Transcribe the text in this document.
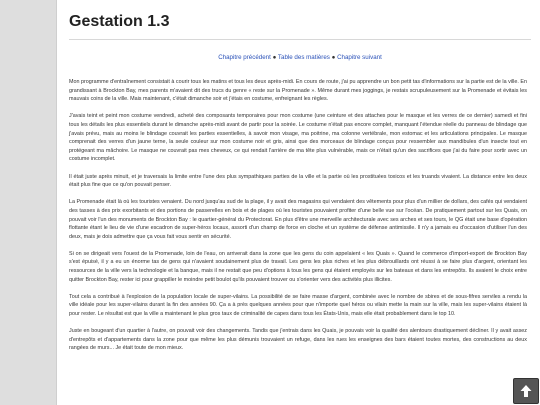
Gestation 1.3
Chapitre précédent ● Table des matières ● Chapitre suivant

Mon programme d'entraînement consistait à courir tous les matins et tous les deux après-midi. En cours de route, j'ai pu apprendre un bon petit tas d'informations sur la partie est de la ville. En grandissant à Brockton Bay, mes parents m'avaient dit des trucs du genre « reste sur la Promenade ». Même durant mes joggings, je restais scrupuleusement sur la Promenade et évitais les mauvais coins de la ville. Mais maintenant, c'était dimanche soir et j'étais en costume, enfreignant les règles.

J'avais teint et peint mon costume vendredi, acheté des composants temporaires pour mon costume (une ceinture et des attaches pour le masque et les verres de ce dernier) samedi et fini tous les détails les plus essentiels durant le dimanche après-midi avant de partir pour la soirée. Le costume n'était pas encore complet, manquant l'étendue réelle du panneau de blindage que j'avais prévu, mais au moins le blindage couvrait les parties essentielles, à savoir mon visage, ma poitrine, ma colonne vertébrale, mon estomac et les articulations principales. Le masque comprenait des verres d'un jaune terne, la seule couleur sur mon costume noir et gris, ainsi que des morceaux de blindage conçus pour ressembler aux mandibules d'un insecte tout en protégeant ma mâchoire. Le masque ne couvrait pas mes cheveux, ce qui rendait l'arrière de ma tête plus vulnérable, mais ce n'était qu'un des sacrifices que j'ai du faire pour sortir avec un costume incomplet.

Il était juste après minuit, et je traversais la limite entre l'une des plus sympathiques parties de la ville et la partie où les prostituées toxicos et les truands vivaient. La distance entre les deux était plus fine que ce qu'on pouvait penser.

La Promenade était là où les touristes venaient. Du nord jusqu'au sud de la plage, il y avait des magasins qui vendaient des vêtements pour plus d'un millier de dollars, des cafés qui vendaient des tasses à des prix exorbitants et des portions de passerelles en bois et de plages où les touristes pouvaient profiter d'une belle vue sur l'océan. De pratiquement partout sur les Quais, on pouvait voir l'un des monuments de Brockton Bay : le quartier-général du Protectorat. En plus d'être une merveille architecturale avec ses arches et ses tours, le QG était une base d'opération flottante étant le lieu de vie d'une escadron de super-héros locaux, assorti d'un champ de force en cloche et un système de défense antimissile. Il n'y a jamais eu d'occasion d'utiliser l'un des deux, mais je dois admettre que ça vous fait vous sentir en sécurité.

Si on se dirigeait vers l'ouest de la Promenade, loin de l'eau, on arriverait dans la zone que les gens du coin appelaient « les Quais ». Quand le commerce d'import-export de Brockton Bay s'est épuisé, il y a eu un énorme tas de gens qui n'avaient soudainement plus de travail. Les gens les plus riches et les plus débrouillards ont réussi à se faire plus d'argent, orientant les ressources de la ville vers la technologie et la banque, mais il ne restait que peu d'options à tous les gens qui étaient employés sur les bateaux et dans les entrepôts. Ils avaient le choix entre quitter Brockton Bay, rester ici pour grappiller le moindre petit boulot qu'ils pouvaient trouver ou s'orienter vers des activités plus illicites.

Tout cela a contribué à l'explosion de la population locale de super-vilains. La possibilité de se faire masse d'argent, combinée avec le nombre de sbires et de sous-fifres serviles a rendu la ville idéale pour les super-vilains durant la fin des années 90. Ça a à près quelques années pour que n'importe quel héros ou vilain mette la main sur la ville, mais les super-vilains étaient là pour rester. Le résultat est que la ville a maintenant le plus gros taux de criminalité de capes dans tous les États-Unis, mais elle était probablement dans le top 10.

Juste en bougeant d'un quartier à l'autre, on pouvait voir des changements. Tandis que j'entrais dans les Quais, je pouvais voir la qualité des alentours drastiquement décliner. Il y avait assez d'entrepôts et d'appartements dans la zone pour que même les plus démunis trouvaient un refuge, dans les rues les enseignes des bars étaient toutes mortes, des constructions au deux rangées de murs... Je était toute de mon mieux.
